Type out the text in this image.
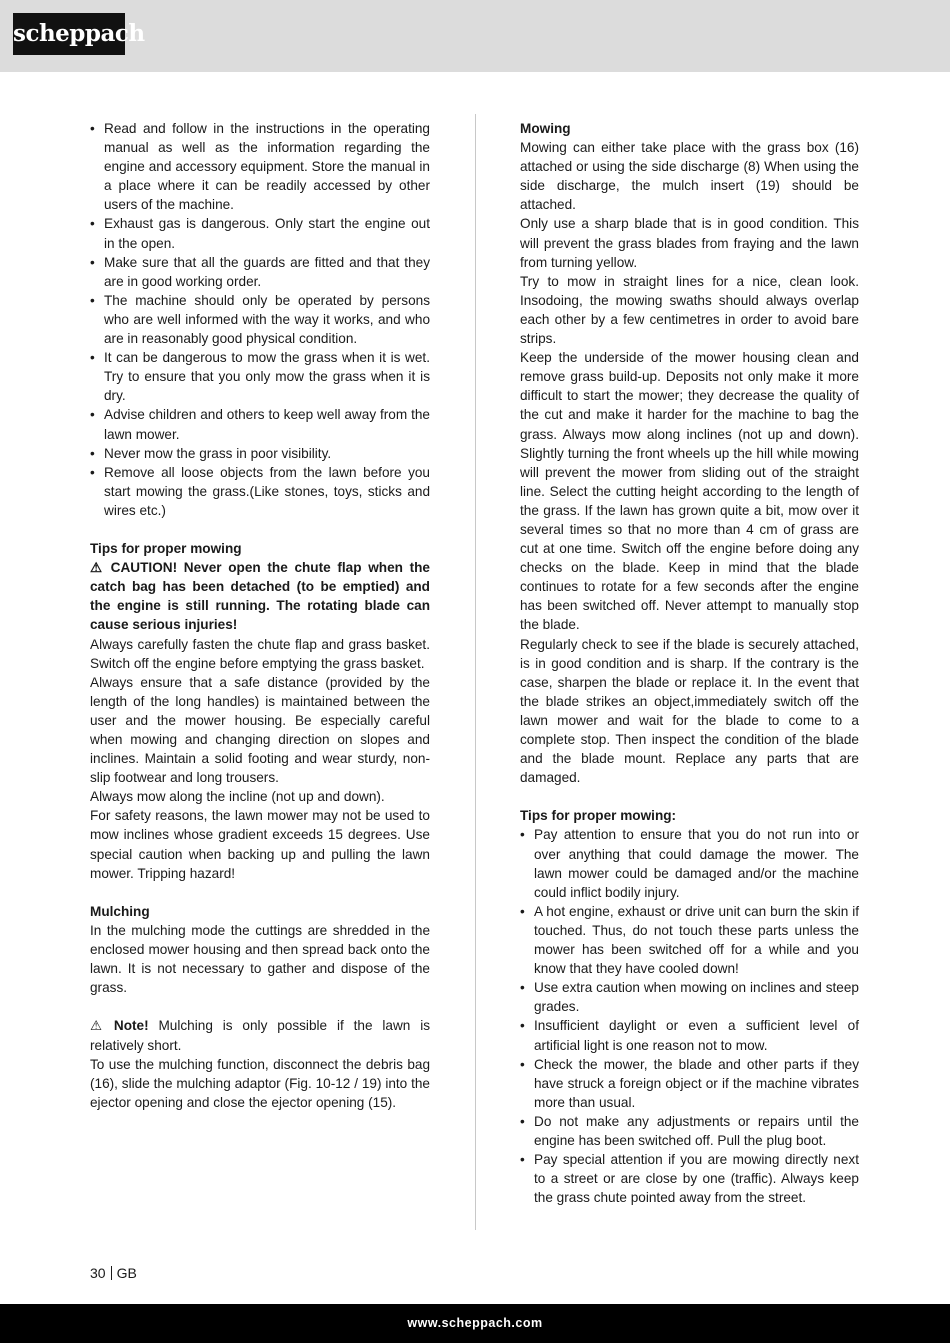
scheppach
• Read and follow in the instructions in the operating manual as well as the information regarding the engine and accessory equipment. Store the manual in a place where it can be readily accessed by other users of the machine.
• Exhaust gas is dangerous. Only start the engine out in the open.
• Make sure that all the guards are fitted and that they are in good working order.
• The machine should only be operated by persons who are well informed with the way it works, and who are in reasonably good physical condition.
• It can be dangerous to mow the grass when it is wet. Try to ensure that you only mow the grass when it is dry.
• Advise children and others to keep well away from the lawn mower.
• Never mow the grass in poor visibility.
• Remove all loose objects from the lawn before you start mowing the grass.(Like stones, toys, sticks and wires etc.)

Tips for proper mowing

⚠ CAUTION! Never open the chute flap when the catch bag has been detached (to be emptied) and the engine is still running. The rotating blade can cause serious injuries!

Always carefully fasten the chute flap and grass basket. Switch off the engine before emptying the grass basket.

Always ensure that a safe distance (provided by the length of the long handles) is maintained between the user and the mower housing. Be especially careful when mowing and changing direction on slopes and inclines. Maintain a solid footing and wear sturdy, non-slip footwear and long trousers.

Always mow along the incline (not up and down).

For safety reasons, the lawn mower may not be used to mow inclines whose gradient exceeds 15 degrees. Use special caution when backing up and pulling the lawn mower. Tripping hazard!

Mulching

In the mulching mode the cuttings are shredded in the enclosed mower housing and then spread back onto the lawn. It is not necessary to gather and dispose of the grass.

⚠ Note! Mulching is only possible if the lawn is relatively short.

To use the mulching function, disconnect the debris bag (16), slide the mulching adaptor (Fig. 10-12 / 19) into the ejector opening and close the ejector opening (15).

Mowing

Mowing can either take place with the grass box (16) attached or using the side discharge (8) When using the side discharge, the mulch insert (19) should be attached.

Only use a sharp blade that is in good condition. This will prevent the grass blades from fraying and the lawn from turning yellow.

Try to mow in straight lines for a nice, clean look. Insodoing, the mowing swaths should always overlap each other by a few centimetres in order to avoid bare strips.

Keep the underside of the mower housing clean and remove grass build-up. Deposits not only make it more difficult to start the mower; they decrease the quality of the cut and make it harder for the machine to bag the grass. Always mow along inclines (not up and down). Slightly turning the front wheels up the hill while mowing will prevent the mower from sliding out of the straight line. Select the cutting height according to the length of the grass. If the lawn has grown quite a bit, mow over it several times so that no more than 4 cm of grass are cut at one time. Switch off the engine before doing any checks on the blade. Keep in mind that the blade continues to rotate for a few seconds after the engine has been switched off. Never attempt to manually stop the blade.

Regularly check to see if the blade is securely attached, is in good condition and is sharp. If the contrary is the case, sharpen the blade or replace it. In the event that the blade strikes an object,immediately switch off the lawn mower and wait for the blade to come to a complete stop. Then inspect the condition of the blade and the blade mount. Replace any parts that are damaged.

Tips for proper mowing:

• Pay attention to ensure that you do not run into or over anything that could damage the mower. The lawn mower could be damaged and/or the machine could inflict bodily injury.
• A hot engine, exhaust or drive unit can burn the skin if touched. Thus, do not touch these parts unless the mower has been switched off for a while and you know that they have cooled down!
• Use extra caution when mowing on inclines and steep grades.
• Insufficient daylight or even a sufficient level of artificial light is one reason not to mow.
• Check the mower, the blade and other parts if they have struck a foreign object or if the machine vibrates more than usual.
• Do not make any adjustments or repairs until the engine has been switched off. Pull the plug boot.
• Pay special attention if you are mowing directly next to a street or are close by one (traffic). Always keep the grass chute pointed away from the street.
30 GB
www.scheppach.com
